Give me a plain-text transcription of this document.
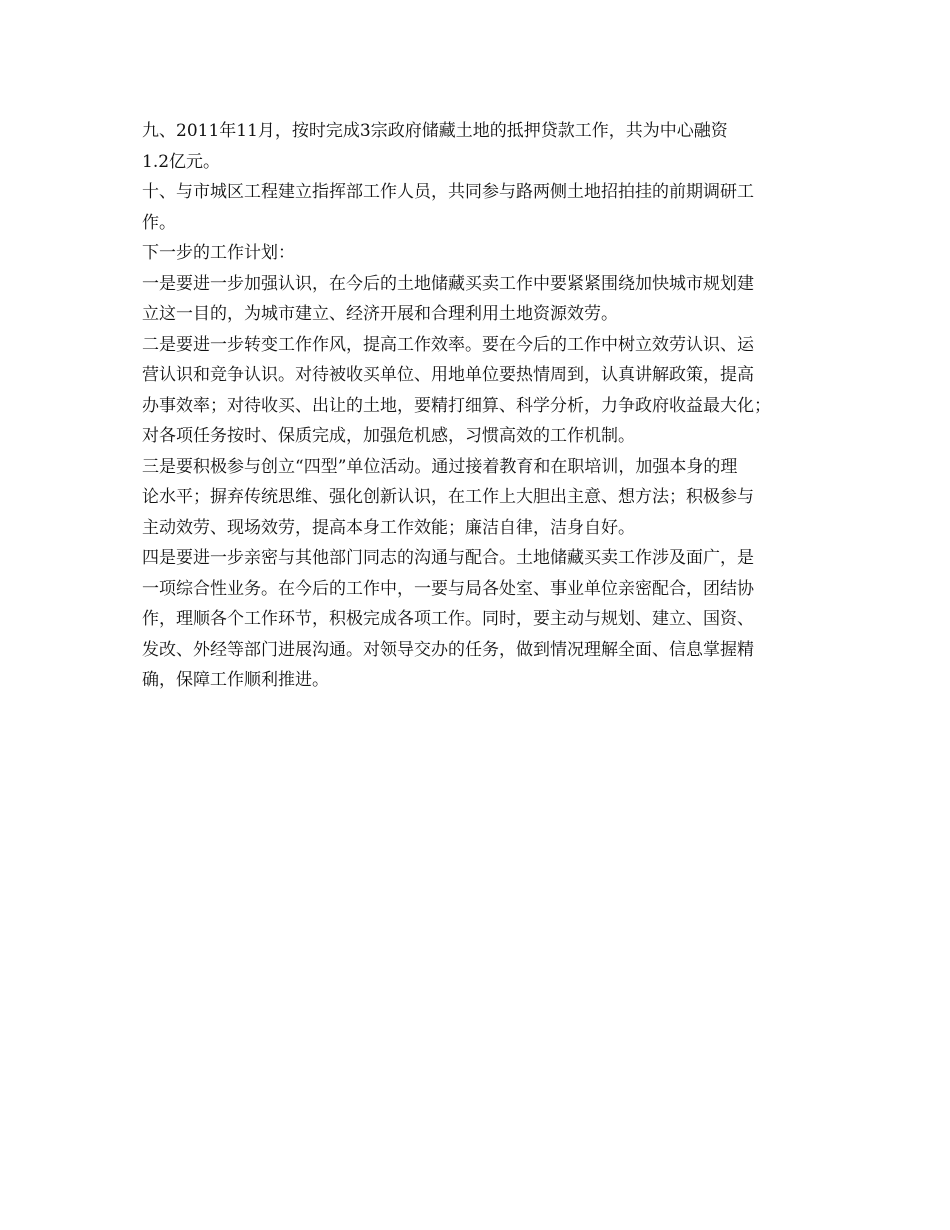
九、2011年11月，按时完成3宗政府储藏土地的抵押贷款工作，共为中心融资
1.2亿元。

十、与市城区工程建立指挥部工作人员，共同参与路两侧土地招拍挂的前期调研工
作。

下一步的工作计划：

一是要进一步加强认识，在今后的土地储藏买卖工作中要紧紧围绕加快城市规划建
立这一目的，为城市建立、经济开展和合理利用土地资源效劳。

二是要进一步转变工作作风，提高工作效率。要在今后的工作中树立效劳认识、运
营认识和竞争认识。对待被收买单位、用地单位要热情周到，认真讲解政策，提高
办事效率；对待收买、出让的土地，要精打细算、科学分析，力争政府收益最大化；
对各项任务按时、保质完成，加强危机感，习惯高效的工作机制。

三是要积极参与创立“四型”单位活动。通过接着教育和在职培训，加强本身的理
论水平；摒弃传统思维、强化创新认识，在工作上大胆出主意、想方法；积极参与
主动效劳、现场效劳，提高本身工作效能；廉洁自律，洁身自好。

四是要进一步亲密与其他部门同志的沟通与配合。土地储藏买卖工作涉及面广，是
一项综合性业务。在今后的工作中，一要与局各处室、事业单位亲密配合，团结协
作，理顺各个工作环节，积极完成各项工作。同时，要主动与规划、建立、国资、
发改、外经等部门进展沟通。对领导交办的任务，做到情况理解全面、信息掌握精
确，保障工作顺利推进。
